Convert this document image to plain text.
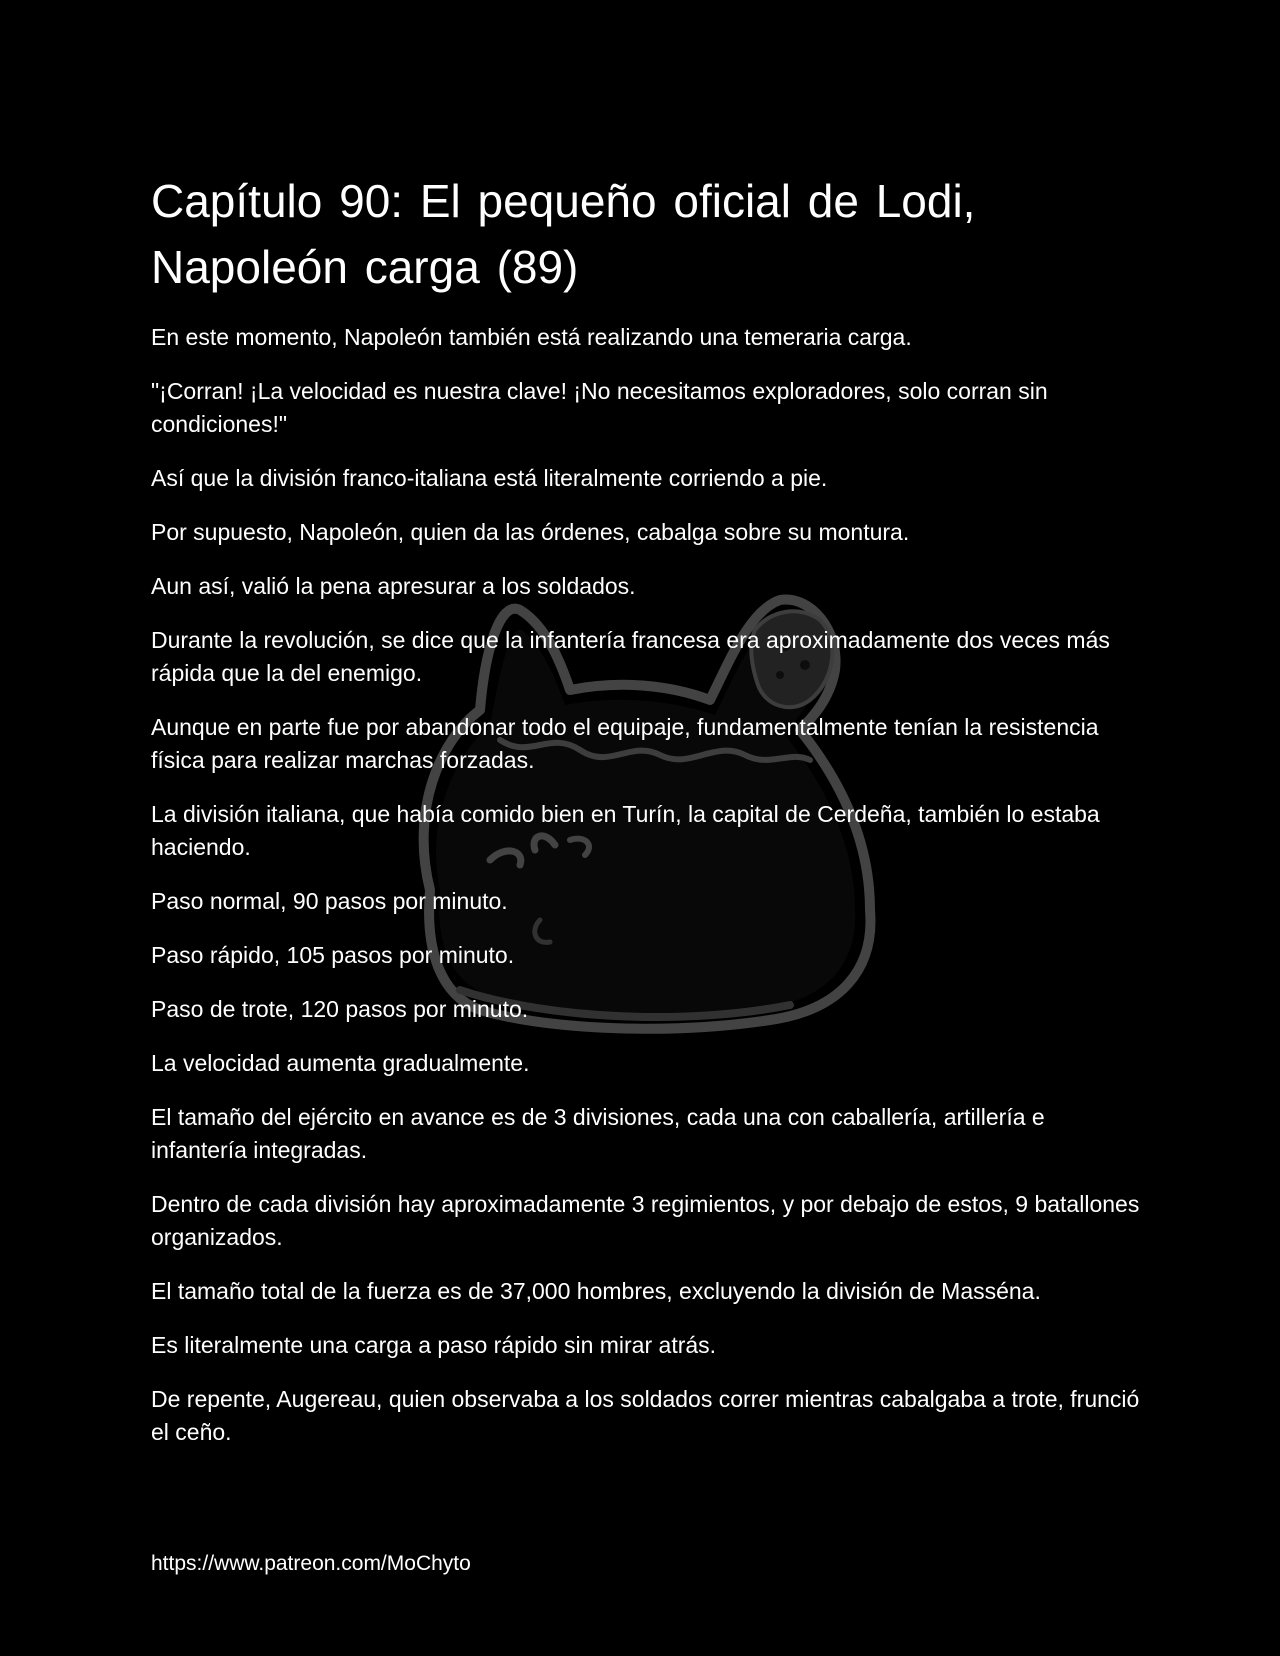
Capítulo 90: El pequeño oficial de Lodi, Napoleón carga (89)

En este momento, Napoleón también está realizando una temeraria carga.

"¡Corran! ¡La velocidad es nuestra clave! ¡No necesitamos exploradores, solo corran sin condiciones!"

Así que la división franco-italiana está literalmente corriendo a pie.

Por supuesto, Napoleón, quien da las órdenes, cabalga sobre su montura.

Aun así, valió la pena apresurar a los soldados.

Durante la revolución, se dice que la infantería francesa era aproximadamente dos veces más rápida que la del enemigo.

Aunque en parte fue por abandonar todo el equipaje, fundamentalmente tenían la resistencia física para realizar marchas forzadas.

La división italiana, que había comido bien en Turín, la capital de Cerdeña, también lo estaba haciendo.

Paso normal, 90 pasos por minuto.

Paso rápido, 105 pasos por minuto.

Paso de trote, 120 pasos por minuto.

La velocidad aumenta gradualmente.

El tamaño del ejército en avance es de 3 divisiones, cada una con caballería, artillería e infantería integradas.

Dentro de cada división hay aproximadamente 3 regimientos, y por debajo de estos, 9 batallones organizados.

El tamaño total de la fuerza es de 37,000 hombres, excluyendo la división de Masséna.

Es literalmente una carga a paso rápido sin mirar atrás.

De repente, Augereau, quien observaba a los soldados correr mientras cabalgaba a trote, frunció el ceño.

https://www.patreon.com/MoChyto
